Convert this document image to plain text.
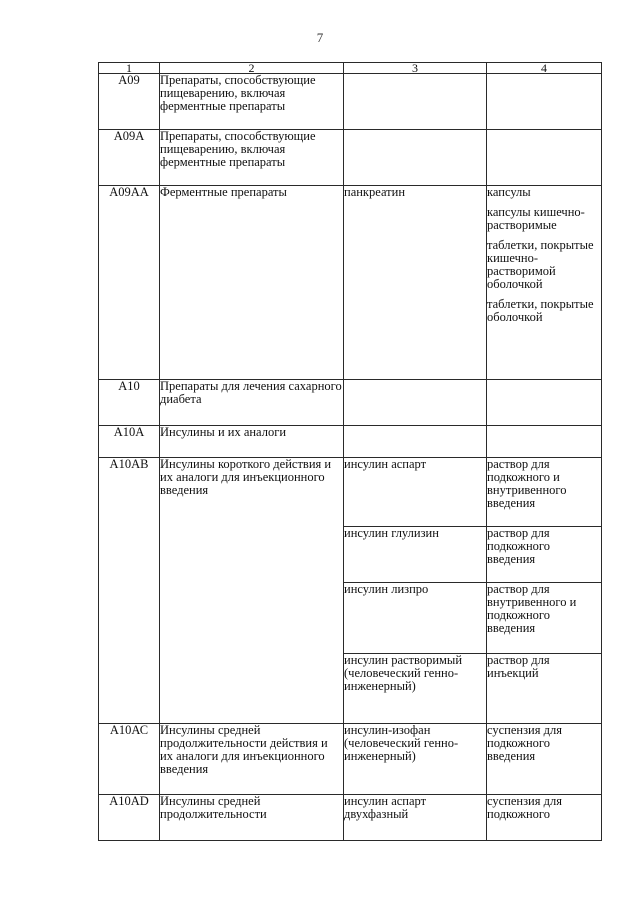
7
1	2	3	4
А09	Препараты, способствующие пищеварению, включая ферментные препараты		
А09А	Препараты, способствующие пищеварению, включая ферментные препараты		
А09АА	Ферментные препараты	панкреатин	капсулы
капсулы кишечно-растворимые
таблетки, покрытые кишечно-растворимой оболочкой
таблетки, покрытые оболочкой

А10	Препараты для лечения сахарного диабета		
А10А	Инсулины и их аналоги		
А10АВ	Инсулины короткого действия и их аналоги для инъекционного введения	инсулин аспарт	раствор для подкожного и внутривенного введения

		инсулин глулизин	раствор для подкожного введения

		инсулин лизпро	раствор для внутривенного и подкожного введения

		инсулин растворимый (человеческий генно-инженерный)	раствор для инъекций

А10АС	Инсулины средней продолжительности действия и их аналоги для инъекционного введения	инсулин-изофан (человеческий генно-инженерный)	суспензия для подкожного введения

А10АD	Инсулины средней продолжительности	инсулин аспарт двухфазный	суспензия для подкожного
